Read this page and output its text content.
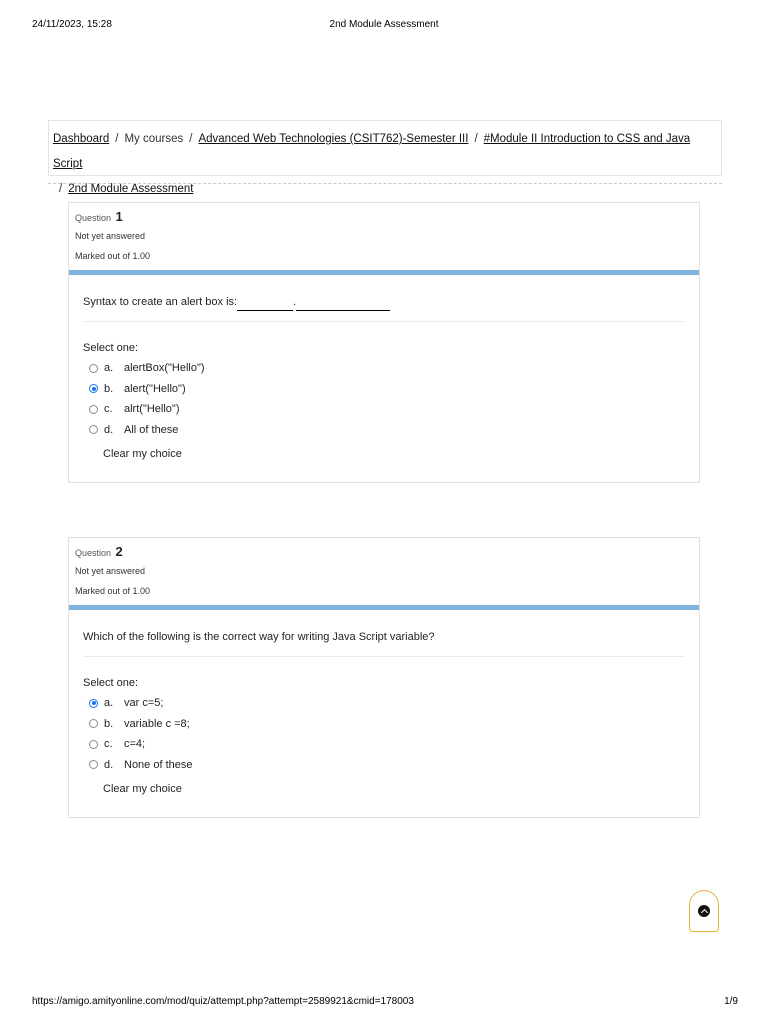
24/11/2023, 15:28	2nd Module Assessment
Dashboard / My courses / Advanced Web Technologies (CSIT762)-Semester III / #Module II Introduction to CSS and Java Script
/ 2nd Module Assessment
Question 1
Not yet answered
Marked out of 1.00
Syntax to create an alert box is:	.
Select one:
a. alertBox("Hello")
b. alert("Hello")
c.	alrt("Hello")
d. All of these
Clear my choice
Question 2
Not yet answered
Marked out of 1.00
Which of the following is the correct way for writing Java Script variable?
Select one:
a. var c=5;
b. variable c =8;
c.	c=4;
d. None of these
Clear my choice
https://amigo.amityonline.com/mod/quiz/attempt.php?attempt=2589921&cmid=178003	1/9
